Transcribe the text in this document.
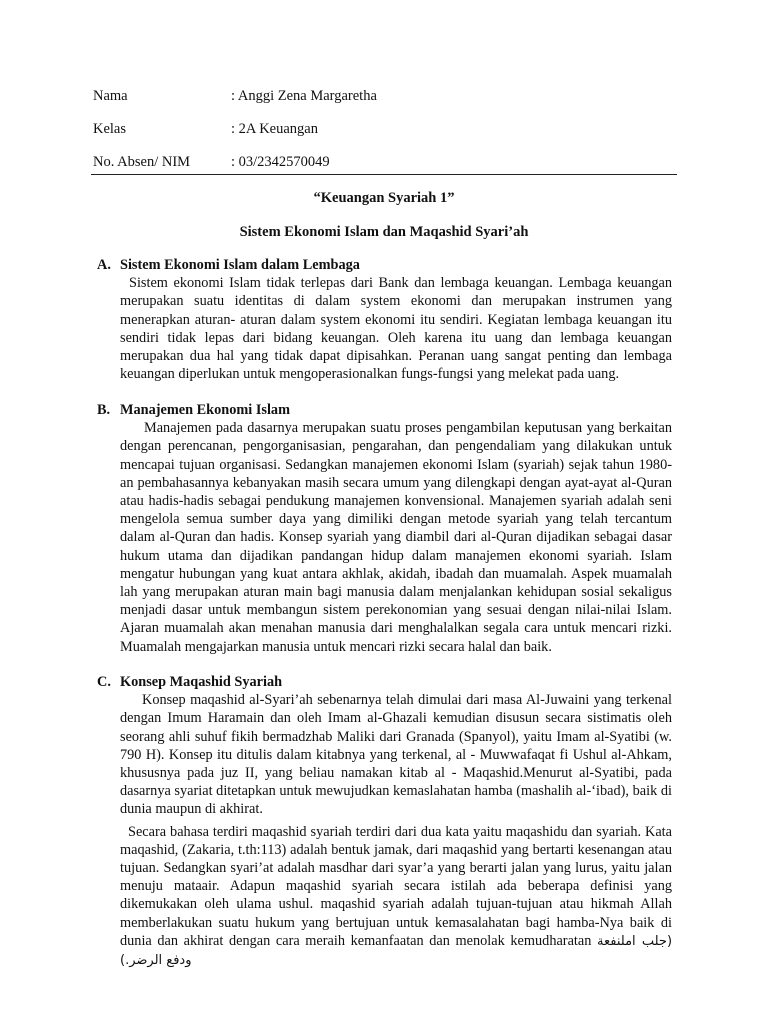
Nama	: Anggi Zena Margaretha
Kelas	: 2A Keuangan
No. Absen/ NIM	: 03/2342570049
“Keuangan Syariah 1”
Sistem Ekonomi Islam dan Maqashid Syari’ah
A. Sistem Ekonomi Islam dalam Lembaga

Sistem ekonomi Islam tidak terlepas dari Bank dan lembaga keuangan. Lembaga keuangan merupakan suatu identitas di dalam system ekonomi dan merupakan instrumen yang menerapkan aturan- aturan dalam system ekonomi itu sendiri. Kegiatan lembaga keuangan itu sendiri tidak lepas dari bidang keuangan. Oleh karena itu uang dan lembaga keuangan merupakan dua hal yang tidak dapat dipisahkan. Peranan uang sangat penting dan lembaga keuangan diperlukan untuk mengoperasionalkan fungs-fungsi yang melekat pada uang.

B. Manajemen Ekonomi Islam

Manajemen pada dasarnya merupakan suatu proses pengambilan keputusan yang berkaitan dengan perencanan, pengorganisasian, pengarahan, dan pengendaliam yang dilakukan untuk mencapai tujuan organisasi. Sedangkan manajemen ekonomi Islam (syariah) sejak tahun 1980-an pembahasannya kebanyakan masih secara umum yang dilengkapi dengan ayat-ayat al-Quran atau hadis-hadis sebagai pendukung manajemen konvensional. Manajemen syariah adalah seni mengelola semua sumber daya yang dimiliki dengan metode syariah yang telah tercantum dalam al-Quran dan hadis. Konsep syariah yang diambil dari al-Quran dijadikan sebagai dasar hukum utama dan dijadikan pandangan hidup dalam manajemen ekonomi syariah. Islam mengatur hubungan yang kuat antara akhlak, akidah, ibadah dan muamalah. Aspek muamalah lah yang merupakan aturan main bagi manusia dalam menjalankan kehidupan sosial sekaligus menjadi dasar untuk membangun sistem perekonomian yang sesuai dengan nilai-nilai Islam. Ajaran muamalah akan menahan manusia dari menghalalkan segala cara untuk mencari rizki. Muamalah mengajarkan manusia untuk mencari rizki secara halal dan baik.

C. Konsep Maqashid Syariah

Konsep maqashid al-Syari’ah sebenarnya telah dimulai dari masa Al-Juwaini yang terkenal dengan Imum Haramain dan oleh Imam al-Ghazali kemudian disusun secara sistimatis oleh seorang ahli suhuf fikih bermadzhab Maliki dari Granada (Spanyol), yaitu Imam al-Syatibi (w. 790 H). Konsep itu ditulis dalam kitabnya yang terkenal, al - Muwwafaqat fi Ushul al-Ahkam, khususnya pada juz II, yang beliau namakan kitab al - Maqashid.Menurut al-Syatibi, pada dasarnya syariat ditetapkan untuk mewujudkan kemaslahatan hamba (mashalih al-‘ibad), baik di dunia maupun di akhirat.

Secara bahasa terdiri maqashid syariah terdiri dari dua kata yaitu maqashidu dan syariah. Kata maqashid, (Zakaria, t.th:113) adalah bentuk jamak, dari maqashid yang bertarti kesenangan atau tujuan. Sedangkan syari’at adalah masdhar dari syar’a yang berarti jalan yang lurus, yaitu jalan menuju mataair. Adapun maqashid syariah secara istilah ada beberapa definisi yang dikemukakan oleh ulama ushul. maqashid syariah adalah tujuan-tujuan atau hikmah Allah memberlakukan suatu hukum yang bertujuan untuk kemasalahatan bagi hamba-Nya baik di dunia dan akhirat dengan cara meraih kemanfaatan dan menolak kemudharatan (جلب املنفعة ودفع الرضر.)
